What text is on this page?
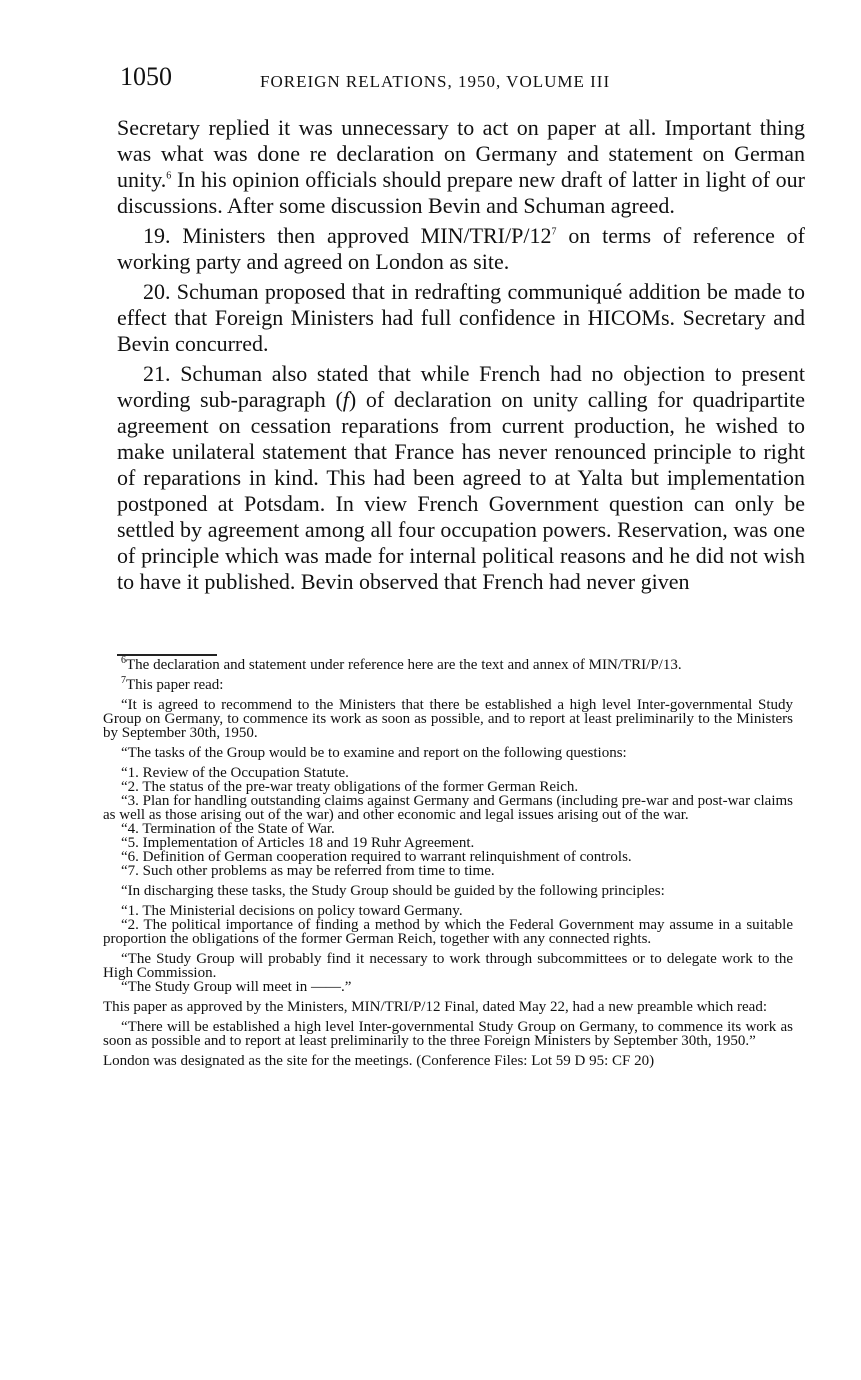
1050	FOREIGN RELATIONS, 1950, VOLUME III

Secretary replied it was unnecessary to act on paper at all. Important thing was what was done re declaration on Germany and statement on German unity.$^6$ In his opinion officials should prepare new draft of latter in light of our discussions. After some discussion Bevin and Schuman agreed.

19. Ministers then approved MIN/$TRI/P/12^7$ on terms of reference of working party and agreed on London as site.

20. Schuman proposed that in redrafting communiqué addition be made to effect that Foreign Ministers had full confidence in HICOMs. Secretary and Bevin concurred.

21. Schuman also stated that while French had no objection to present wording sub-paragraph (f) of declaration on unity calling for quadripartite agreement on cessation reparations from current production, he wished to make unilateral statement that France has never renounced principle to right of reparations in kind. This had been agreed to at Yalta but implementation postponed at Potsdam. In view French Government question can only be settled by agreement among all four occupation powers. Reservation, was one of principle which was made for internal political reasons and he did not wish to have it published. Bevin observed that French had never given

$^6$The declaration and statement under reference here are the text and annex of MIN/TRI/P/13.

$^7$This paper read:

“It is agreed to recommend to the Ministers that there be established a high level Inter-governmental Study Group on Germany, to commence its work as soon as possible, and to report at least preliminarily to the Ministers by September 30th, 1950.

“The tasks of the Group would be to examine and report on the following questions:

“1. Review of the Occupation Statute.

“2. The status of the pre-war treaty obligations of the former German Reich.

“3. Plan for handling outstanding claims against Germany and Germans (including pre-war and post-war claims as well as those arising out of the war) and other economic and legal issues arising out of the war.

“4. Termination of the State of War.

“5. Implementation of Articles 18 and 19 Ruhr Agreement.

“6. Definition of German cooperation required to warrant relinquishment of controls.

“7. Such other problems as may be referred from time to time.

“In discharging these tasks, the Study Group should be guided by the following principles:

“1. The Ministerial decisions on policy toward Germany.

“2. The political importance of finding a method by which the Federal Government may assume in a suitable proportion the obligations of the former German Reich, together with any connected rights.

“The Study Group will probably find it necessary to work through subcommittees or to delegate work to the High Commission.

“The Study Group will meet in ——.”

This paper as approved by the Ministers, MIN/TRI/P/12 Final, dated May 22, had a new preamble which read:

“There will be established a high level Inter-governmental Study Group on Germany, to commence its work as soon as possible and to report at least preliminarily to the three Foreign Ministers by September 30th, 1950.”

London was designated as the site for the meetings. (Conference Files: Lot 59 D 95: CF 20)
